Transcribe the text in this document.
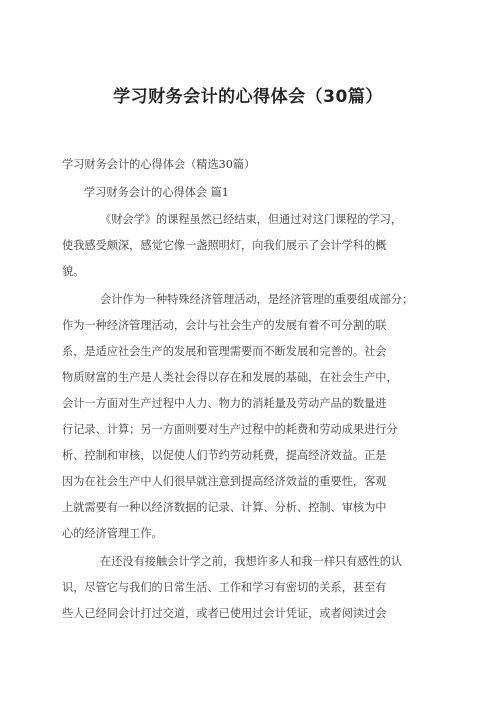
学习财务会计的心得体会（30篇）
学习财务会计的心得体会（精选30篇）
学习财务会计的心得体会 篇1
《财会学》的课程虽然已经结束，但通过对这门课程的学习，
使我感受颇深，感觉它像一盏照明灯，向我们展示了会计学科的概
貌。
会计作为一种特殊经济管理活动，是经济管理的重要组成部分；
作为一种经济管理活动，会计与社会生产的发展有着不可分割的联
系，是适应社会生产的发展和管理需要而不断发展和完善的。社会
物质财富的生产是人类社会得以存在和发展的基础，在社会生产中，
会计一方面对生产过程中人力、物力的消耗量及劳动产品的数量进
行记录、计算；另一方面则要对生产过程中的耗费和劳动成果进行分
析、控制和审核，以促使人们节约劳动耗费，提高经济效益。正是
因为在社会生产中人们很早就注意到提高经济效益的重要性，客观
上就需要有一种以经济数据的记录、计算、分析、控制、审核为中
心的经济管理工作。
在还没有接触会计学之前，我想许多人和我一样只有感性的认
识，尽管它与我们的日常生活、工作和学习有密切的关系，甚至有
些人已经同会计打过交道，或者已使用过会计凭证，或者阅读过会
